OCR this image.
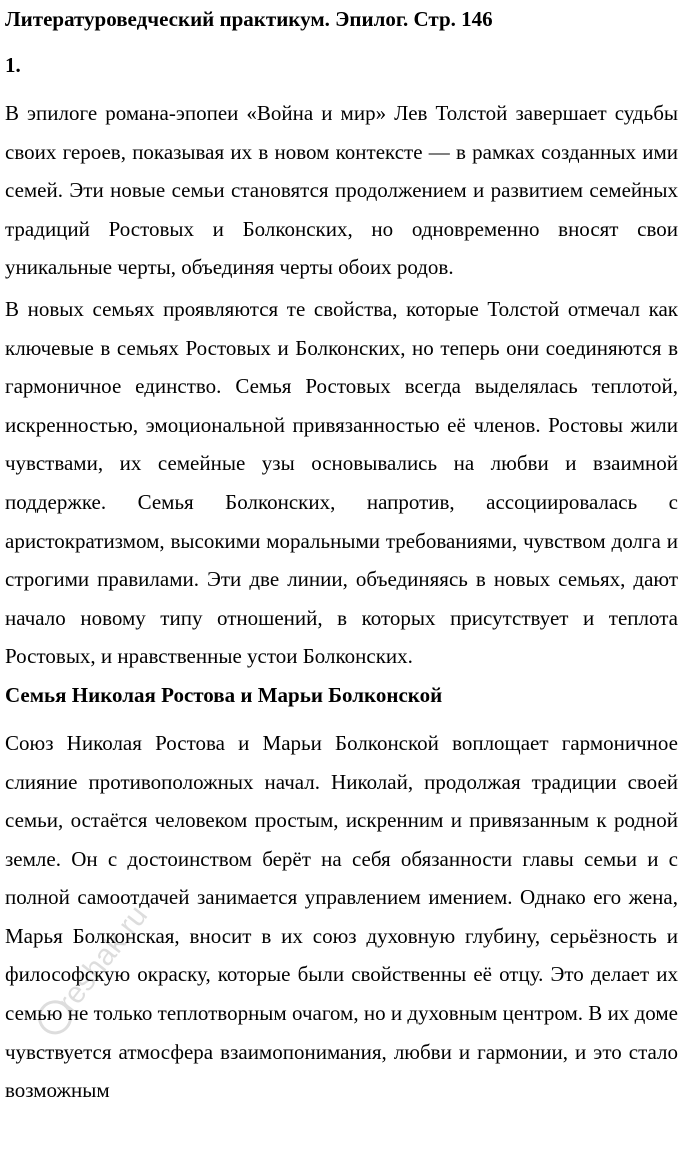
Литературоведческий практикум. Эпилог. Стр. 146
1.

В эпилоге романа-эпопеи «Война и мир» Лев Толстой завершает судьбы своих героев, показывая их в новом контексте — в рамках созданных ими семей. Эти новые семьи становятся продолжением и развитием семейных традиций Ростовых и Болконских, но одновременно вносят свои уникальные черты, объединяя черты обоих родов.

В новых семьях проявляются те свойства, которые Толстой отмечал как ключевые в семьях Ростовых и Болконских, но теперь они соединяются в гармоничное единство. Семья Ростовых всегда выделялась теплотой, искренностью, эмоциональной привязанностью её членов. Ростовы жили чувствами, их семейные узы основывались на любви и взаимной поддержке. Семья Болконских, напротив, ассоциировалась с аристократизмом, высокими моральными требованиями, чувством долга и строгими правилами. Эти две линии, объединяясь в новых семьях, дают начало новому типу отношений, в которых присутствует и теплота Ростовых, и нравственные устои Болконских.

Семья Николая Ростова и Марьи Болконской

Союз Николая Ростова и Марьи Болконской воплощает гармоничное слияние противоположных начал. Николай, продолжая традиции своей семьи, остаётся человеком простым, искренним и привязанным к родной земле. Он с достоинством берёт на себя обязанности главы семьи и с полной самоотдачей занимается управлением имением. Однако его жена, Марья Болконская, вносит в их союз духовную глубину, серьёзность и философскую окраску, которые были свойственны её отцу. Это делает их семью не только теплотворным очагом, но и духовным центром. В их доме чувствуется атмосфера взаимопонимания, любви и гармонии, и это стало возможным

reshak.ru
